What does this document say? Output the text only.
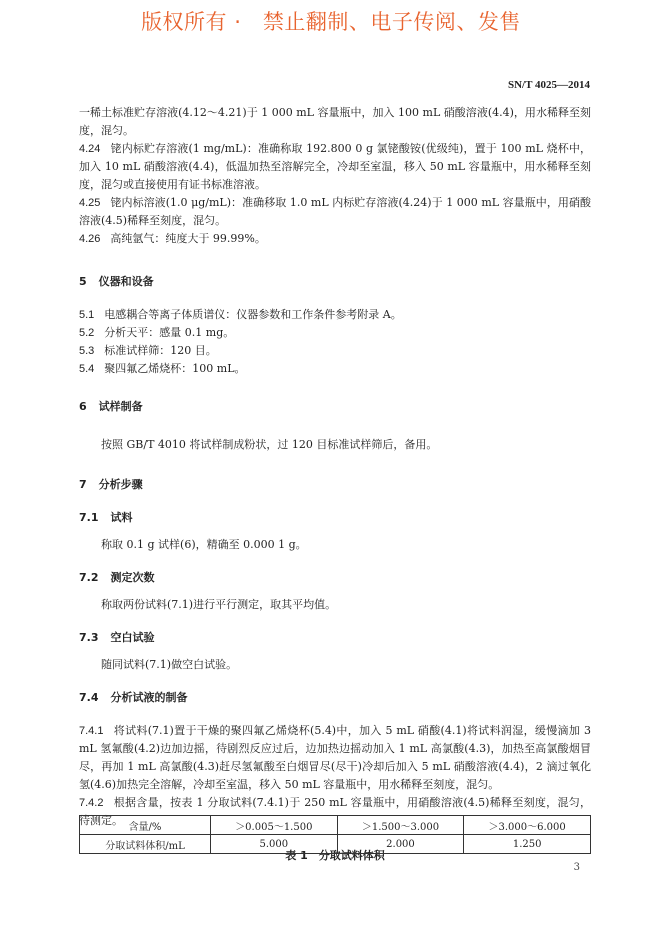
版权所有 ·　禁止翻制、电子传阅、发售
SN/T 4025—2014

一稀土标准贮存溶液(4.12～4.21)于 1 000 mL 容量瓶中，加入 100 mL 硝酸溶液(4.4)，用水稀释至刻度，混匀。

4.24 铑内标贮存溶液(1 mg/mL)：准确称取 192.800 0 g 氯铑酸铵(优级纯)，置于 100 mL 烧杯中，加入 10 mL 硝酸溶液(4.4)，低温加热至溶解完全，冷却至室温，移入 50 mL 容量瓶中，用水稀释至刻度，混匀或直接使用有证书标准溶液。

4.25 铑内标溶液(1.0 μg/mL)：准确移取 1.0 mL 内标贮存溶液(4.24)于 1 000 mL 容量瓶中，用硝酸溶液(4.5)稀释至刻度，混匀。

4.26 高纯氩气：纯度大于 99.99%。

5 仪器和设备

5.1 电感耦合等离子体质谱仪：仪器参数和工作条件参考附录 A。

5.2 分析天平：感量 0.1 mg。

5.3 标准试样筛：120 目。

5.4 聚四氟乙烯烧杯：100 mL。

6 试样制备

按照 GB/T 4010 将试样制成粉状，过 120 目标准试样筛后，备用。

7 分析步骤
7.1 试料

称取 0.1 g 试样(6)，精确至 0.000 1 g。

7.2 测定次数

称取两份试料(7.1)进行平行测定，取其平均值。

7.3 空白试验

随同试料(7.1)做空白试验。

7.4 分析试液的制备

7.4.1 将试料(7.1)置于干燥的聚四氟乙烯烧杯(5.4)中，加入 5 mL 硝酸(4.1)将试料润湿，缓慢滴加 3 mL 氢氟酸(4.2)边加边摇，待剧烈反应过后，边加热边摇动加入 1 mL 高氯酸(4.3)，加热至高氯酸烟冒尽，再加 1 mL 高氯酸(4.3)赶尽氢氟酸至白烟冒尽(尽干)冷却后加入 5 mL 硝酸溶液(4.4)，2 滴过氧化氢(4.6)加热完全溶解，冷却至室温，移入 50 mL 容量瓶中，用水稀释至刻度，混匀。

7.4.2 根据含量，按表 1 分取试料(7.4.1)于 250 mL 容量瓶中，用硝酸溶液(4.5)稀释至刻度，混匀，待测定。

表 1　分取试料体积
含量/%	＞0.005～1.500	＞1.500～3.000	＞3.000～6.000
分取试料体积/mL	5.000	2.000	1.250
3
